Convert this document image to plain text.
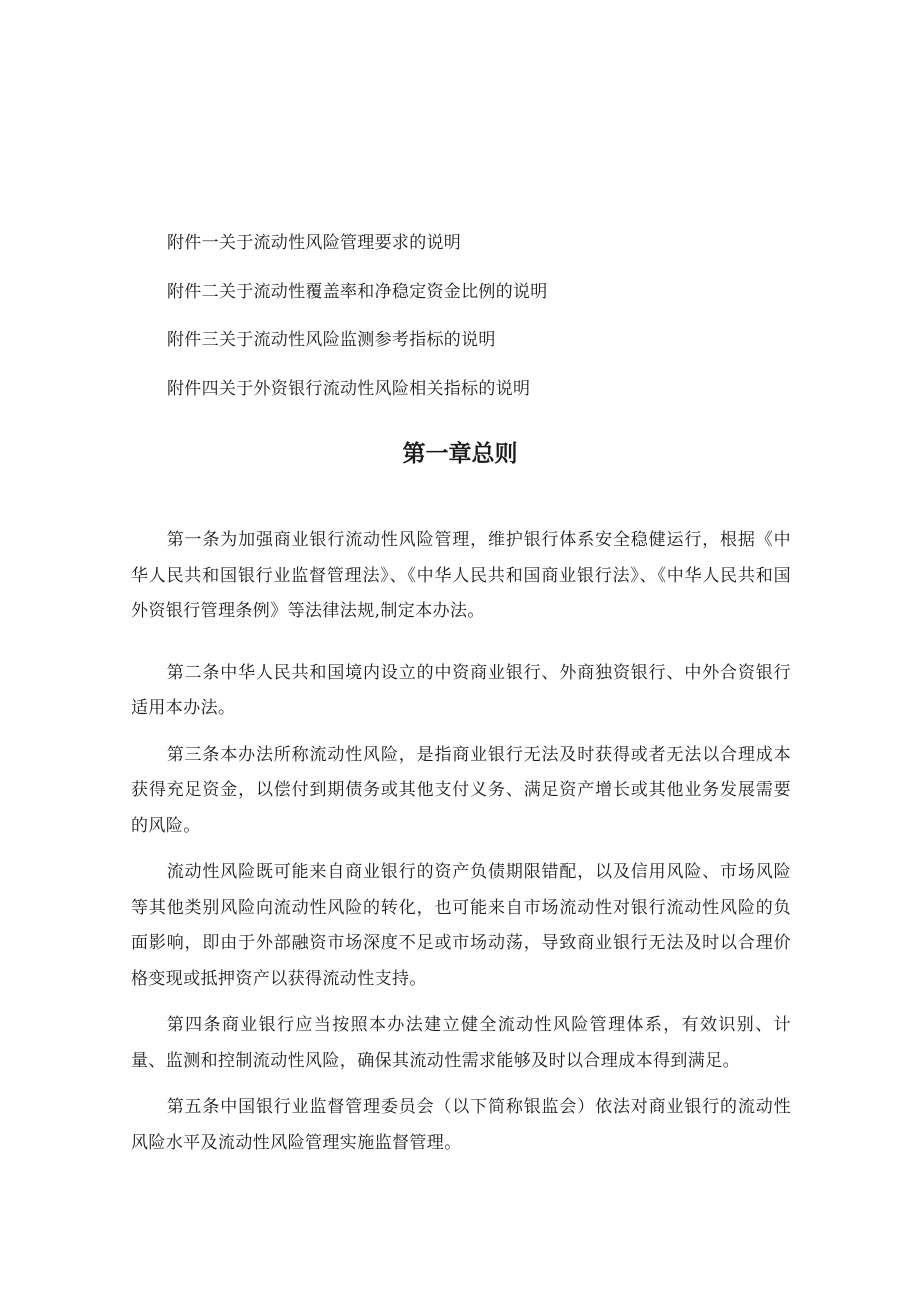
附件一关于流动性风险管理要求的说明
附件二关于流动性覆盖率和净稳定资金比例的说明
附件三关于流动性风险监测参考指标的说明
附件四关于外资银行流动性风险相关指标的说明
第一章总则

第一条为加强商业银行流动性风险管理，维护银行体系安全稳健运行，根据《中华人民共和国银行业监督管理法》、《中华人民共和国商业银行法》、《中华人民共和国外资银行管理条例》等法律法规,制定本办法。

第二条中华人民共和国境内设立的中资商业银行、外商独资银行、中外合资银行适用本办法。

第三条本办法所称流动性风险，是指商业银行无法及时获得或者无法以合理成本获得充足资金，以偿付到期债务或其他支付义务、满足资产增长或其他业务发展需要的风险。

流动性风险既可能来自商业银行的资产负债期限错配，以及信用风险、市场风险等其他类别风险向流动性风险的转化，也可能来自市场流动性对银行流动性风险的负面影响，即由于外部融资市场深度不足或市场动荡，导致商业银行无法及时以合理价格变现或抵押资产以获得流动性支持。

第四条商业银行应当按照本办法建立健全流动性风险管理体系，有效识别、计量、监测和控制流动性风险，确保其流动性需求能够及时以合理成本得到满足。

第五条中国银行业监督管理委员会（以下简称银监会）依法对商业银行的流动性风险水平及流动性风险管理实施监督管理。
